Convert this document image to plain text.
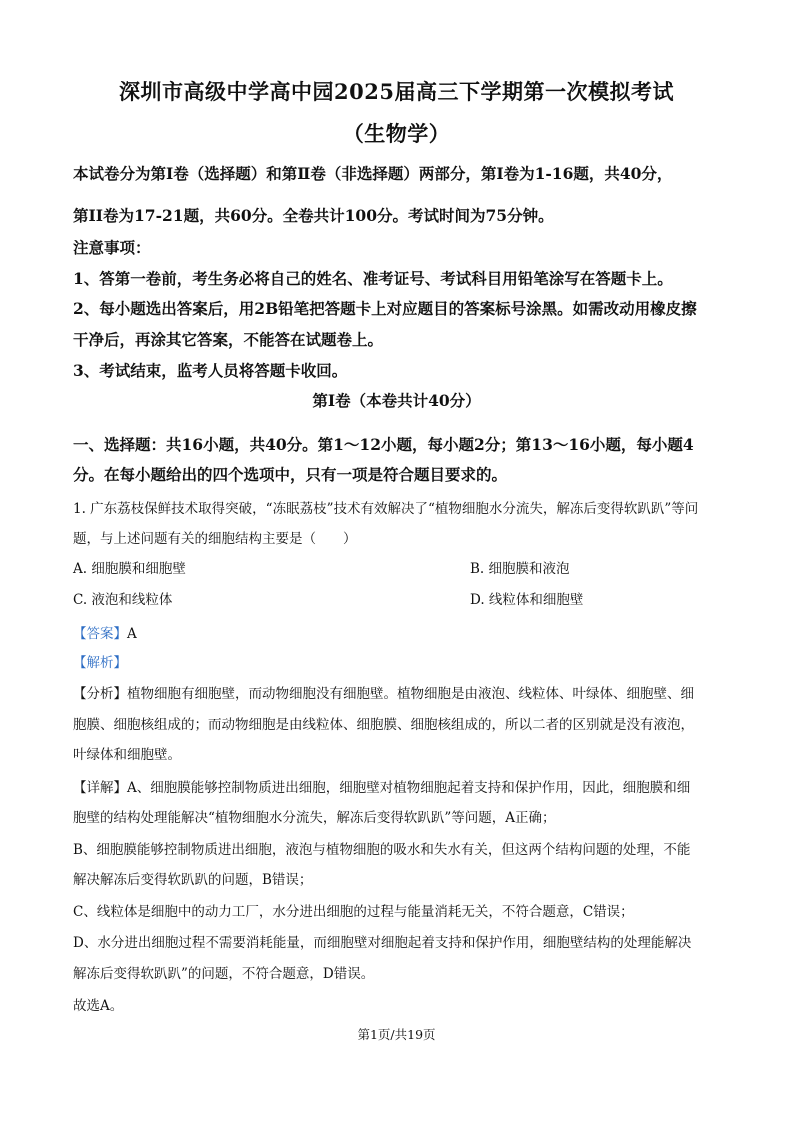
深圳市高级中学高中园2025届高三下学期第一次模拟考试
（生物学）
本试卷分为第Ⅰ卷（选择题）和第Ⅱ卷（非选择题）两部分，第Ⅰ卷为1-16题，共40分，
第II卷为17-21题，共60分。全卷共计100分。考试时间为75分钟。
注意事项：
1、答第一卷前，考生务必将自己的姓名、准考证号、考试科目用铅笔涂写在答题卡上。
2、每小题选出答案后，用2B铅笔把答题卡上对应题目的答案标号涂黑。如需改动用橡皮擦
干净后，再涂其它答案，不能答在试题卷上。
3、考试结束，监考人员将答题卡收回。
第Ⅰ卷（本卷共计40分）
一、选择题：共16小题，共40分。第1～12小题，每小题2分；第13～16小题，每小题4
分。在每小题给出的四个选项中，只有一项是符合题目要求的。
1. 广东荔枝保鲜技术取得突破，“冻眠荔枝”技术有效解决了“植物细胞水分流失，解冻后变得软趴趴”等问
题，与上述问题有关的细胞结构主要是（　　）
A. 细胞膜和细胞壁	B. 细胞膜和液泡
C. 液泡和线粒体	D. 线粒体和细胞壁
【答案】A
【解析】
【分析】植物细胞有细胞壁，而动物细胞没有细胞壁。植物细胞是由液泡、线粒体、叶绿体、细胞壁、细
胞膜、细胞核组成的；而动物细胞是由线粒体、细胞膜、细胞核组成的，所以二者的区别就是没有液泡，
叶绿体和细胞壁。
【详解】A、细胞膜能够控制物质进出细胞，细胞壁对植物细胞起着支持和保护作用，因此，细胞膜和细
胞壁的结构处理能解决“植物细胞水分流失，解冻后变得软趴趴”等问题，A正确；
B、细胞膜能够控制物质进出细胞，液泡与植物细胞的吸水和失水有关，但这两个结构问题的处理，不能
解决解冻后变得软趴趴的问题，B错误；
C、线粒体是细胞中的动力工厂，水分进出细胞的过程与能量消耗无关，不符合题意，C错误；
D、水分进出细胞过程不需要消耗能量，而细胞壁对细胞起着支持和保护作用，细胞壁结构的处理能解决
解冻后变得软趴趴”的问题，不符合题意，D错误。
故选A。
第1页/共19页
